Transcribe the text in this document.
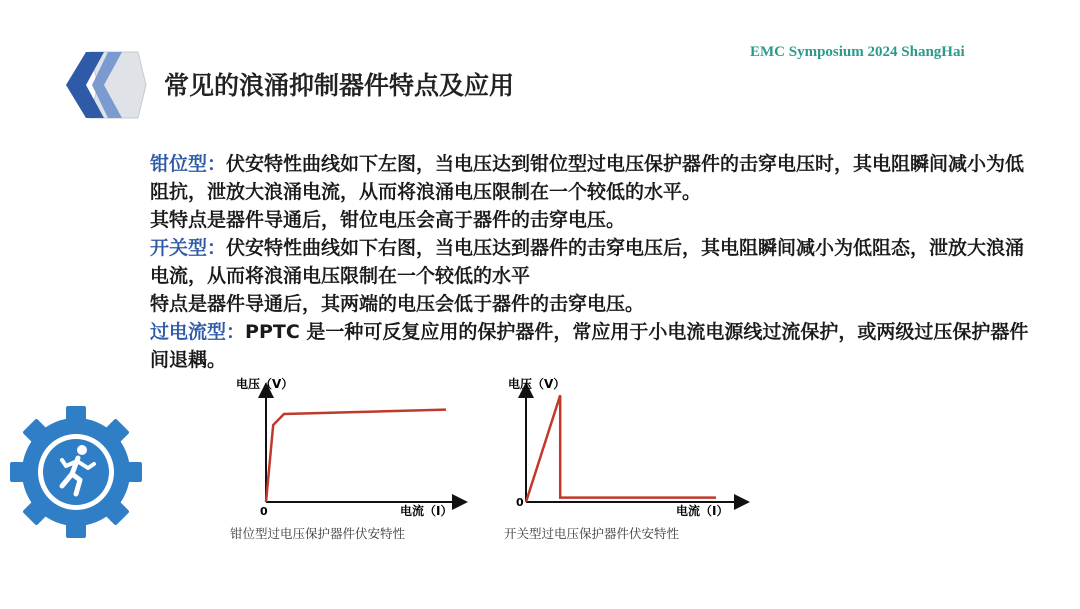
EMC Symposium 2024 ShangHai
常见的浪涌抑制器件特点及应用

钳位型：伏安特性曲线如下左图，当电压达到钳位型过电压保护器件的击穿电压时，其电阻瞬间减小为低阻抗，泄放大浪涌电流，从而将浪涌电压限制在一个较低的水平。

其特点是器件导通后，钳位电压会高于器件的击穿电压。

开关型：伏安特性曲线如下右图，当电压达到器件的击穿电压后，其电阻瞬间减小为低阻态，泄放大浪涌电流，从而将浪涌电压限制在一个较低的水平

特点是器件导通后，其两端的电压会低于器件的击穿电压。

过电流型：PPTC 是一种可反复应用的保护器件，常应用于小电流电源线过流保护，或两级过压保护器件间退耦。

电压（V）
电流（I）
0
钳位型过电压保护器件伏安特性
电压（V）
电流（I）
0
开关型过电压保护器件伏安特性
